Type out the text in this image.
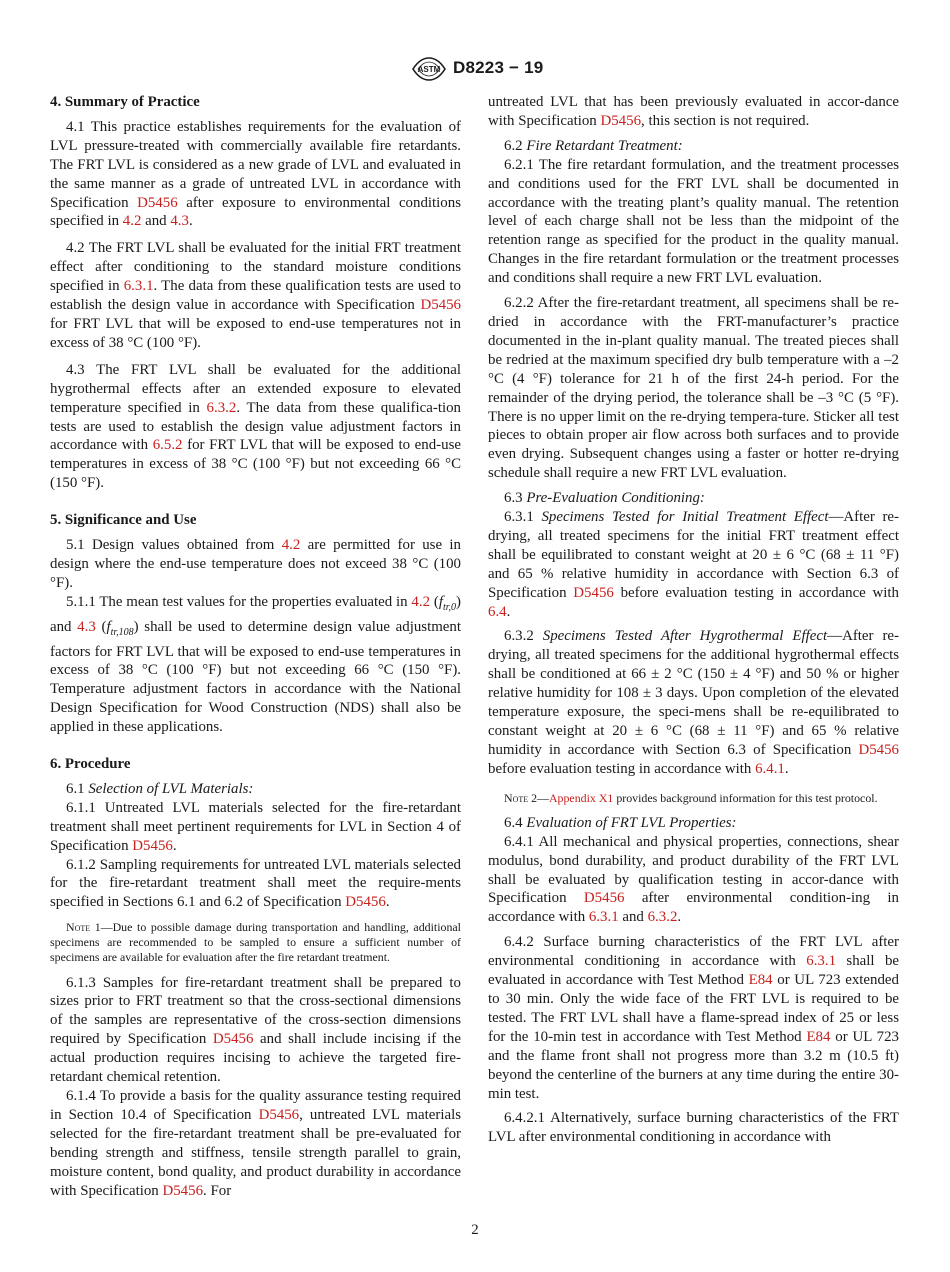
ASTM D8223 − 19
4. Summary of Practice

4.1 This practice establishes requirements for the evaluation of LVL pressure-treated with commercially available fire retardants. The FRT LVL is considered as a new grade of LVL and evaluated in the same manner as a grade of untreated LVL in accordance with Specification D5456 after exposure to environmental conditions specified in 4.2 and 4.3.

4.2 The FRT LVL shall be evaluated for the initial FRT treatment effect after conditioning to the standard moisture conditions specified in 6.3.1. The data from these qualification tests are used to establish the design value in accordance with Specification D5456 for FRT LVL that will be exposed to end-use temperatures not in excess of 38 °C (100 °F).

4.3 The FRT LVL shall be evaluated for the additional hygrothermal effects after an extended exposure to elevated temperature specified in 6.3.2. The data from these qualifica-tion tests are used to establish the design value adjustment factors in accordance with 6.5.2 for FRT LVL that will be exposed to end-use temperatures in excess of 38 °C (100 °F) but not exceeding 66 °C (150 °F).

5. Significance and Use

5.1 Design values obtained from 4.2 are permitted for use in design where the end-use temperature does not exceed 38 °C (100 °F).

5.1.1 The mean test values for the properties evaluated in 4.2 $(f_{tr,0})$ and 4.3 $(f_{tr,108})$ shall be used to determine design value adjustment factors for FRT LVL that will be exposed to end-use temperatures in excess of 38 °C (100 °F) but not exceeding 66 °C (150 °F). Temperature adjustment factors in accordance with the National Design Specification for Wood Construction (NDS) shall also be applied in these applications.

6. Procedure

6.1 Selection of LVL Materials:

6.1.1 Untreated LVL materials selected for the fire-retardant treatment shall meet pertinent requirements for LVL in Section 4 of Specification D5456.

6.1.2 Sampling requirements for untreated LVL materials selected for the fire-retardant treatment shall meet the require-ments specified in Sections 6.1 and 6.2 of Specification D5456.

Note 1—Due to possible damage during transportation and handling, additional specimens are recommended to be sampled to ensure a sufficient number of specimens are available for evaluation after the fire retardant treatment.

6.1.3 Samples for fire-retardant treatment shall be prepared to sizes prior to FRT treatment so that the cross-sectional dimensions of the samples are representative of the cross-section dimensions required by Specification D5456 and shall include incising if the actual production requires incising to achieve the targeted fire-retardant chemical retention.

6.1.4 To provide a basis for the quality assurance testing required in Section 10.4 of Specification D5456, untreated LVL materials selected for the fire-retardant treatment shall be pre-evaluated for bending strength and stiffness, tensile strength parallel to grain, moisture content, bond quality, and product durability in accordance with Specification D5456. For

untreated LVL that has been previously evaluated in accor-dance with Specification D5456, this section is not required.

6.2 Fire Retardant Treatment:

6.2.1 The fire retardant formulation, and the treatment processes and conditions used for the FRT LVL shall be documented in accordance with the treating plant’s quality manual. The retention level of each charge shall not be less than the midpoint of the retention range as specified for the product in the quality manual. Changes in the fire retardant formulation or the treatment processes and conditions shall require a new FRT LVL evaluation.

6.2.2 After the fire-retardant treatment, all specimens shall be re-dried in accordance with the FRT-manufacturer’s practice documented in the in-plant quality manual. The treated pieces shall be redried at the maximum specified dry bulb temperature with a –2 °C (4 °F) tolerance for 21 h of the first 24-h period. For the remainder of the drying period, the tolerance shall be –3 °C (5 °F). There is no upper limit on the re-drying tempera-ture. Sticker all test pieces to obtain proper air flow across both surfaces and to provide even drying. Subsequent changes using a faster or hotter re-drying schedule shall require a new FRT LVL evaluation.

6.3 Pre-Evaluation Conditioning:

6.3.1 Specimens Tested for Initial Treatment Effect—After re-drying, all treated specimens for the initial FRT treatment effect shall be equilibrated to constant weight at 20 ± 6 °C (68 ± 11 °F) and 65 % relative humidity in accordance with Section 6.3 of Specification D5456 before evaluation testing in accordance with 6.4.

6.3.2 Specimens Tested After Hygrothermal Effect—After re-drying, all treated specimens for the additional hygrothermal effects shall be conditioned at 66 ± 2 °C (150 ± 4 °F) and 50 % or higher relative humidity for 108 ± 3 days. Upon completion of the elevated temperature exposure, the speci-mens shall be re-equilibrated to constant weight at 20 ± 6 °C (68 ± 11 °F) and 65 % relative humidity in accordance with Section 6.3 of Specification D5456 before evaluation testing in accordance with 6.4.1.

Note 2—Appendix X1 provides background information for this test protocol.

6.4 Evaluation of FRT LVL Properties:

6.4.1 All mechanical and physical properties, connections, shear modulus, bond durability, and product durability of the FRT LVL shall be evaluated by qualification testing in accor-dance with Specification D5456 after environmental condition-ing in accordance with 6.3.1 and 6.3.2.

6.4.2 Surface burning characteristics of the FRT LVL after environmental conditioning in accordance with 6.3.1 shall be evaluated in accordance with Test Method E84 or UL 723 extended to 30 min. Only the wide face of the FRT LVL is required to be tested. The FRT LVL shall have a flame-spread index of 25 or less for the 10-min test in accordance with Test Method E84 or UL 723 and the flame front shall not progress more than 3.2 m (10.5 ft) beyond the centerline of the burners at any time during the entire 30-min test.

6.4.2.1 Alternatively, surface burning characteristics of the FRT LVL after environmental conditioning in accordance with

2
